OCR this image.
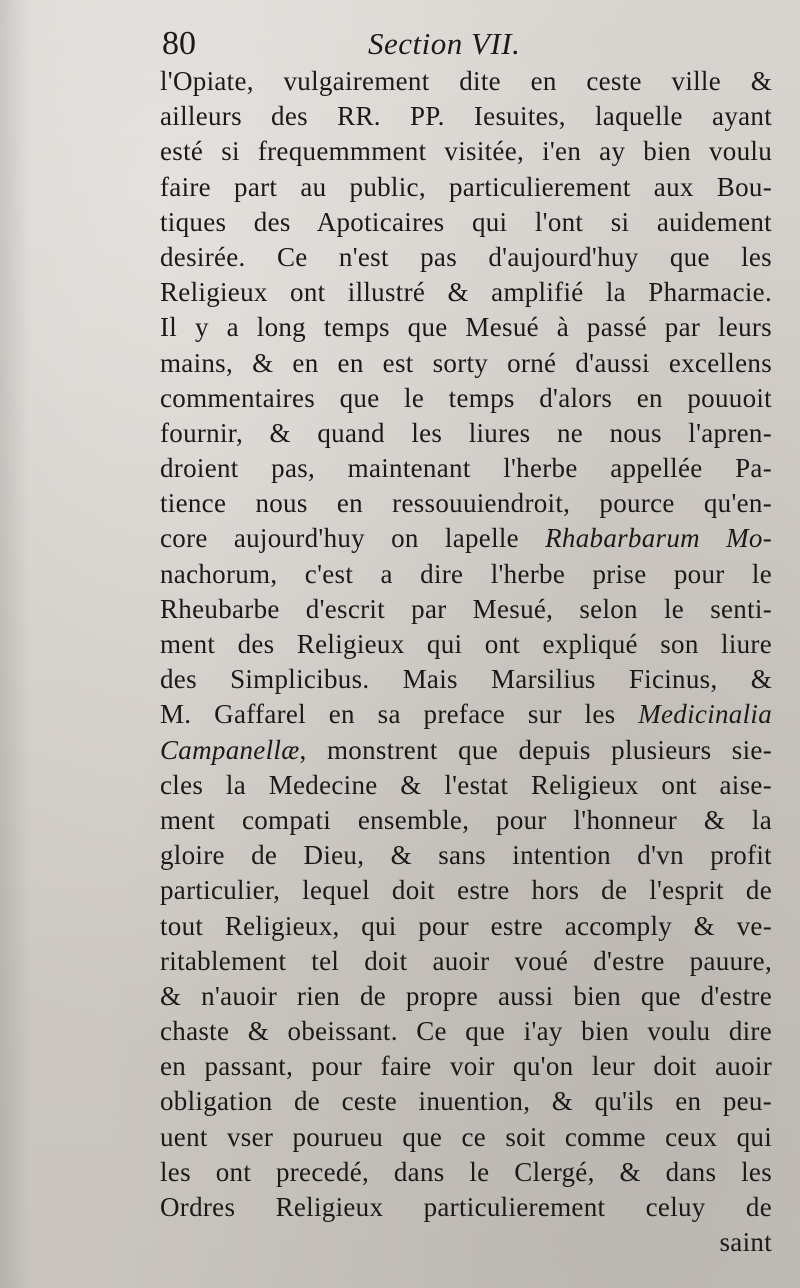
80	Section VII.
l'Opiate, vulgairement dite en ceste ville &
ailleurs des RR. PP. Iesuites, laquelle ayant
esté si frequemmment visitée, i'en ay bien voulu
faire part au public, particulierement aux Bou-
tiques des Apoticaires qui l'ont si auidement
desirée. Ce n'est pas d'aujourd'huy que les
Religieux ont illustré & amplifié la Pharmacie.
Il y a long temps que Mesué à passé par leurs
mains, & en en est sorty orné d'aussi excellens
commentaires que le temps d'alors en pouuoit
fournir, & quand les liures ne nous l'apren-
droient pas, maintenant l'herbe appellée Pa-
tience nous en ressouuiendroit, pource qu'en-
core aujourd'huy on lapelle Rhabarbarum Mo-
nachorum, c'est a dire l'herbe prise pour le
Rheubarbe d'escrit par Mesué, selon le senti-
ment des Religieux qui ont expliqué son liure
des Simplicibus. Mais Marsilius Ficinus, &
M. Gaffarel en sa preface sur les Medicinalia
Campanellæ, monstrent que depuis plusieurs sie-
cles la Medecine & l'estat Religieux ont aise-
ment compati ensemble, pour l'honneur & la
gloire de Dieu, & sans intention d'vn profit
particulier, lequel doit estre hors de l'esprit de
tout Religieux, qui pour estre accomply & ve-
ritablement tel doit auoir voué d'estre pauure,
& n'auoir rien de propre aussi bien que d'estre
chaste & obeissant. Ce que i'ay bien voulu dire
en passant, pour faire voir qu'on leur doit auoir
obligation de ceste inuention, & qu'ils en peu-
uent vser pourueu que ce soit comme ceux qui
les ont precedé, dans le Clergé, & dans les
Ordres Religieux particulierement celuy de
saint
